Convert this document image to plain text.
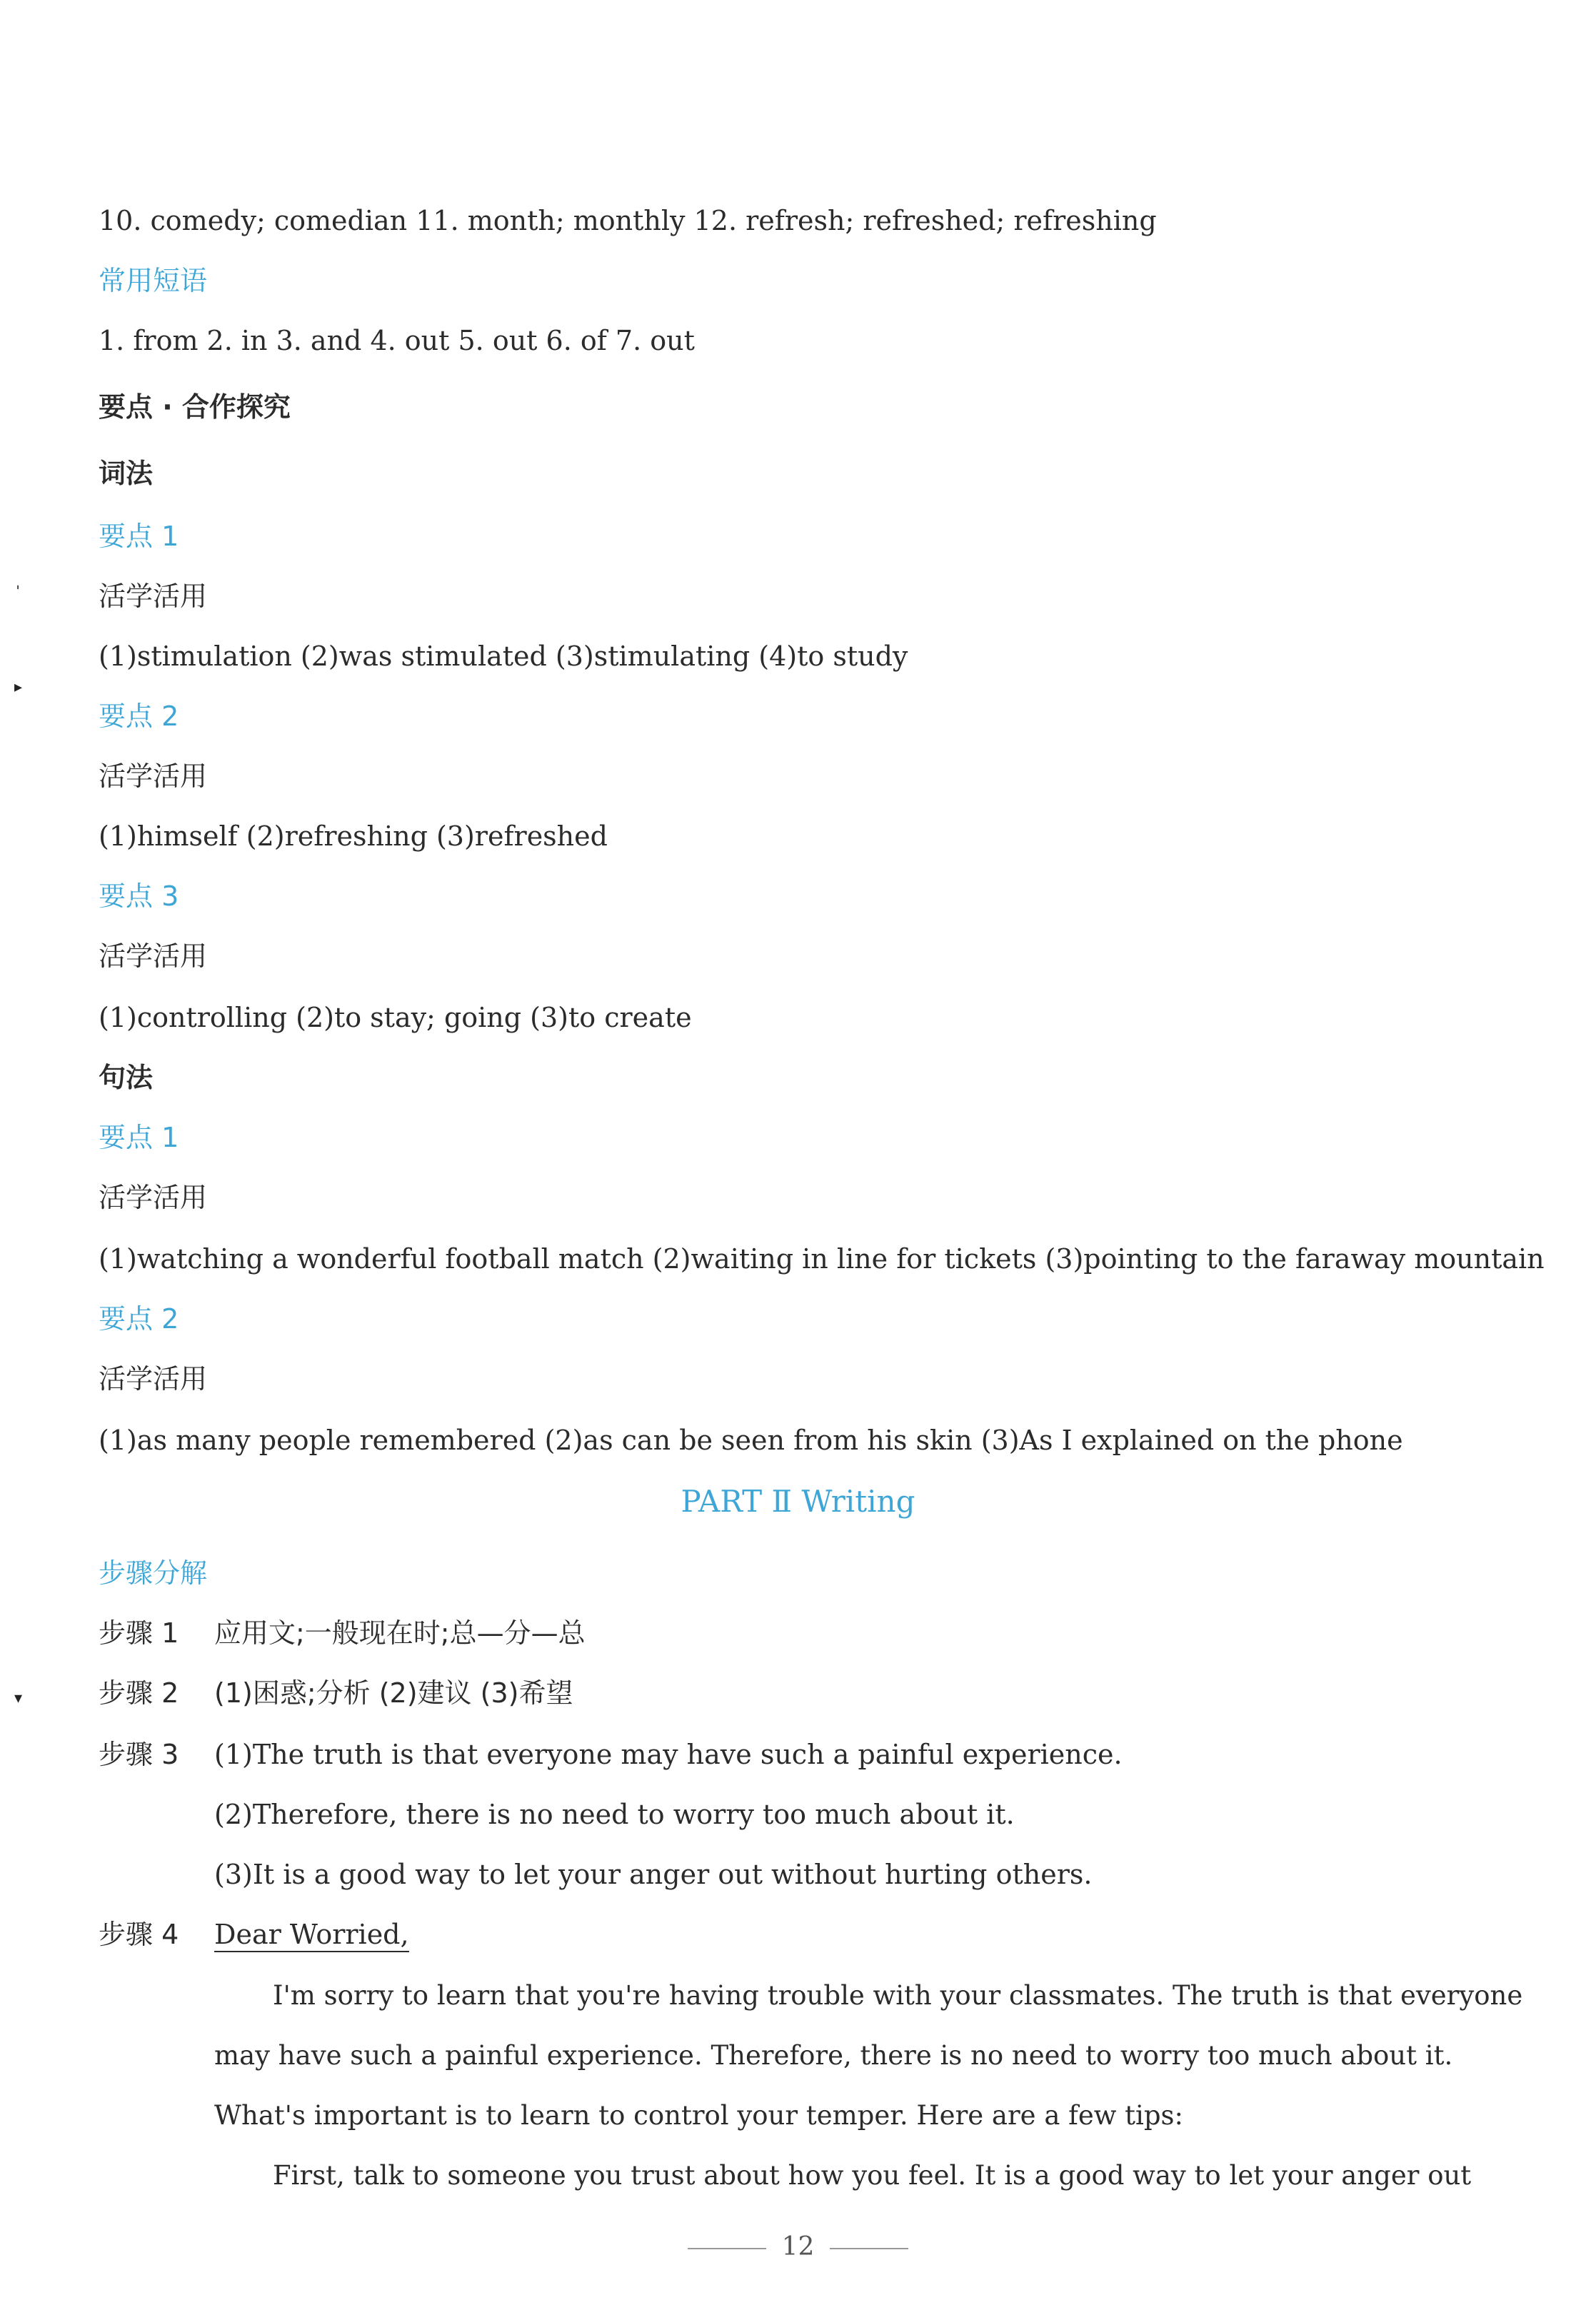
10. comedy; comedian 11. month; monthly 12. refresh; refreshed; refreshing
常用短语
1. from 2. in 3. and 4. out 5. out 6. of 7. out
要点 · 合作探究
词法
要点 1
活学活用
(1)stimulation (2)was stimulated (3)stimulating (4)to study
要点 2
活学活用
(1)himself (2)refreshing (3)refreshed
要点 3
活学活用
(1)controlling (2)to stay; going (3)to create
句法
要点 1
活学活用
(1)watching a wonderful football match (2)waiting in line for tickets (3)pointing to the faraway mountain
要点 2
活学活用
(1)as many people remembered (2)as can be seen from his skin (3)As I explained on the phone
PART Ⅱ Writing
步骤分解
步骤 1 应用文;一般现在时;总—分—总
步骤 2 (1)困惑;分析 (2)建议 (3)希望
步骤 3 (1)The truth is that everyone may have such a painful experience.
(2)Therefore, there is no need to worry too much about it.
(3)It is a good way to let your anger out without hurting others.
步骤 4 Dear Worried,
I'm sorry to learn that you're having trouble with your classmates. The truth is that everyone
may have such a painful experience. Therefore, there is no need to worry too much about it.
What's important is to learn to control your temper. Here are a few tips:
First, talk to someone you trust about how you feel. It is a good way to let your anger out
12
ˈ
▸
▾
